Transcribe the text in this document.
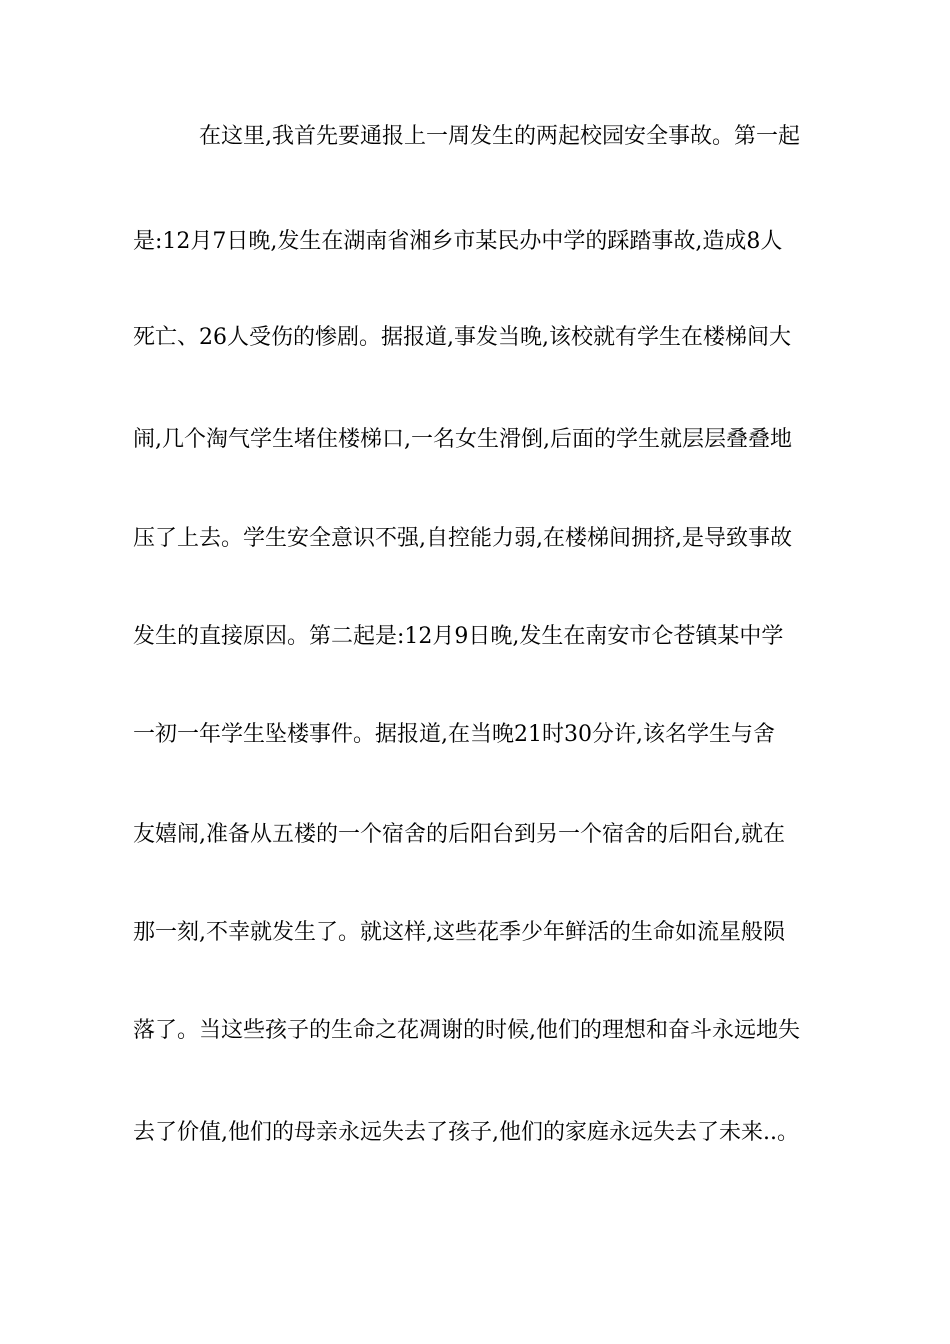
在这里,我首先要通报上一周发生的两起校园安全事故。第一起
是:12月7日晚,发生在湖南省湘乡市某民办中学的踩踏事故,造成8人
死亡、26人受伤的惨剧。据报道,事发当晚,该校就有学生在楼梯间大
闹,几个淘气学生堵住楼梯口,一名女生滑倒,后面的学生就层层叠叠地
压了上去。学生安全意识不强,自控能力弱,在楼梯间拥挤,是导致事故
发生的直接原因。第二起是:12月9日晚,发生在南安市仑苍镇某中学
一初一年学生坠楼事件。据报道,在当晚21时30分许,该名学生与舍
友嬉闹,准备从五楼的一个宿舍的后阳台到另一个宿舍的后阳台,就在
那一刻,不幸就发生了。就这样,这些花季少年鲜活的生命如流星般陨
落了。当这些孩子的生命之花凋谢的时候,他们的理想和奋斗永远地失
去了价值,他们的母亲永远失去了孩子,他们的家庭永远失去了未来..。
